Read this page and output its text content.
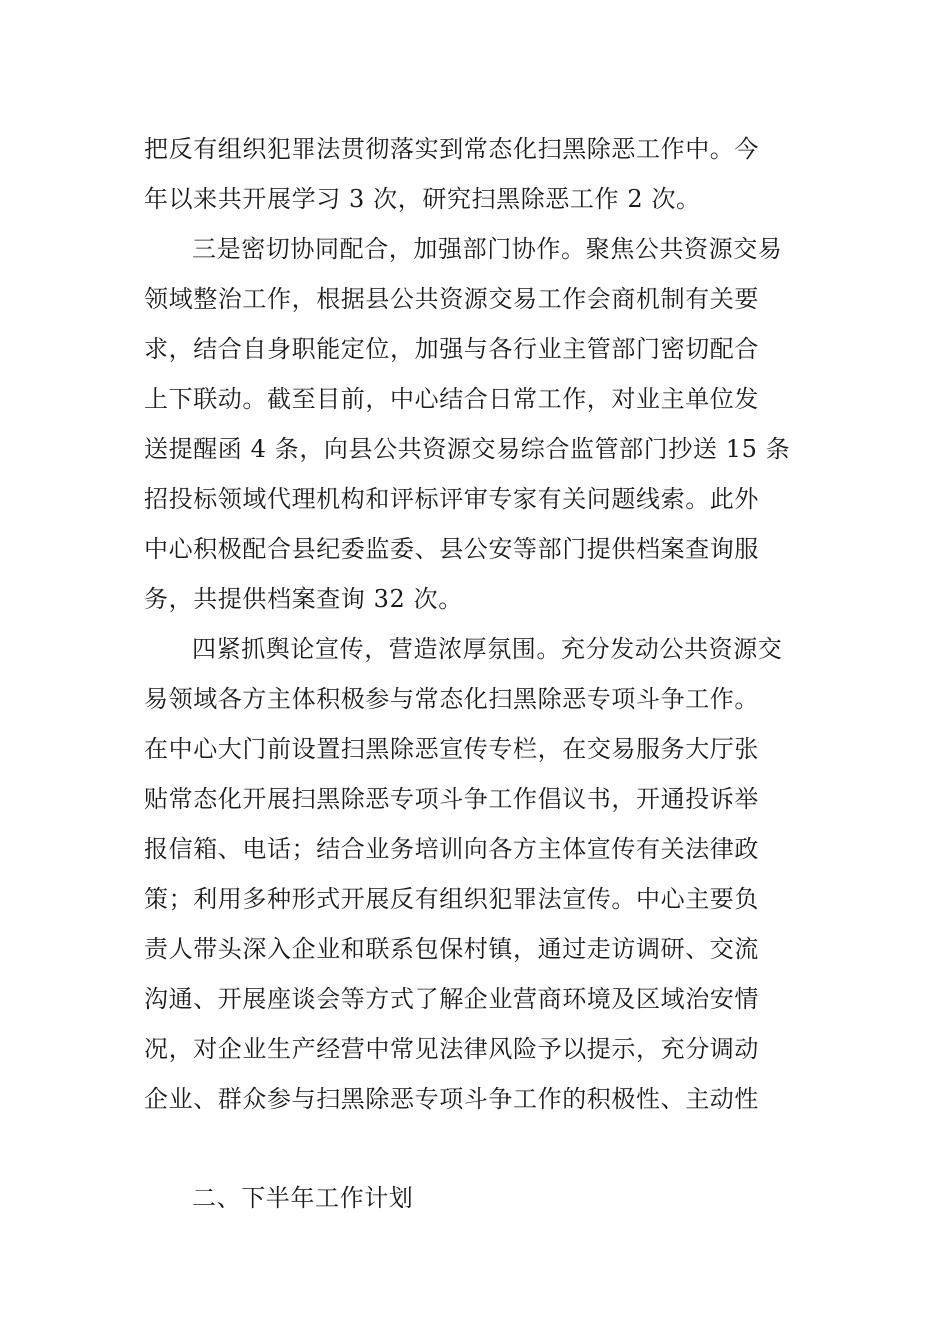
把反有组织犯罪法贯彻落实到常态化扫黑除恶工作中。今
年以来共开展学习 3 次，研究扫黑除恶工作 2 次。
三是密切协同配合，加强部门协作。聚焦公共资源交易
领域整治工作，根据县公共资源交易工作会商机制有关要
求，结合自身职能定位，加强与各行业主管部门密切配合
上下联动。截至目前，中心结合日常工作，对业主单位发
送提醒函 4 条，向县公共资源交易综合监管部门抄送 15 条
招投标领域代理机构和评标评审专家有关问题线索。此外
中心积极配合县纪委监委、县公安等部门提供档案查询服
务，共提供档案查询 32 次。
四紧抓舆论宣传，营造浓厚氛围。充分发动公共资源交
易领域各方主体积极参与常态化扫黑除恶专项斗争工作。
在中心大门前设置扫黑除恶宣传专栏，在交易服务大厅张
贴常态化开展扫黑除恶专项斗争工作倡议书，开通投诉举
报信箱、电话；结合业务培训向各方主体宣传有关法律政
策；利用多种形式开展反有组织犯罪法宣传。中心主要负
责人带头深入企业和联系包保村镇，通过走访调研、交流
沟通、开展座谈会等方式了解企业营商环境及区域治安情
况，对企业生产经营中常见法律风险予以提示，充分调动
企业、群众参与扫黑除恶专项斗争工作的积极性、主动性
二、下半年工作计划
